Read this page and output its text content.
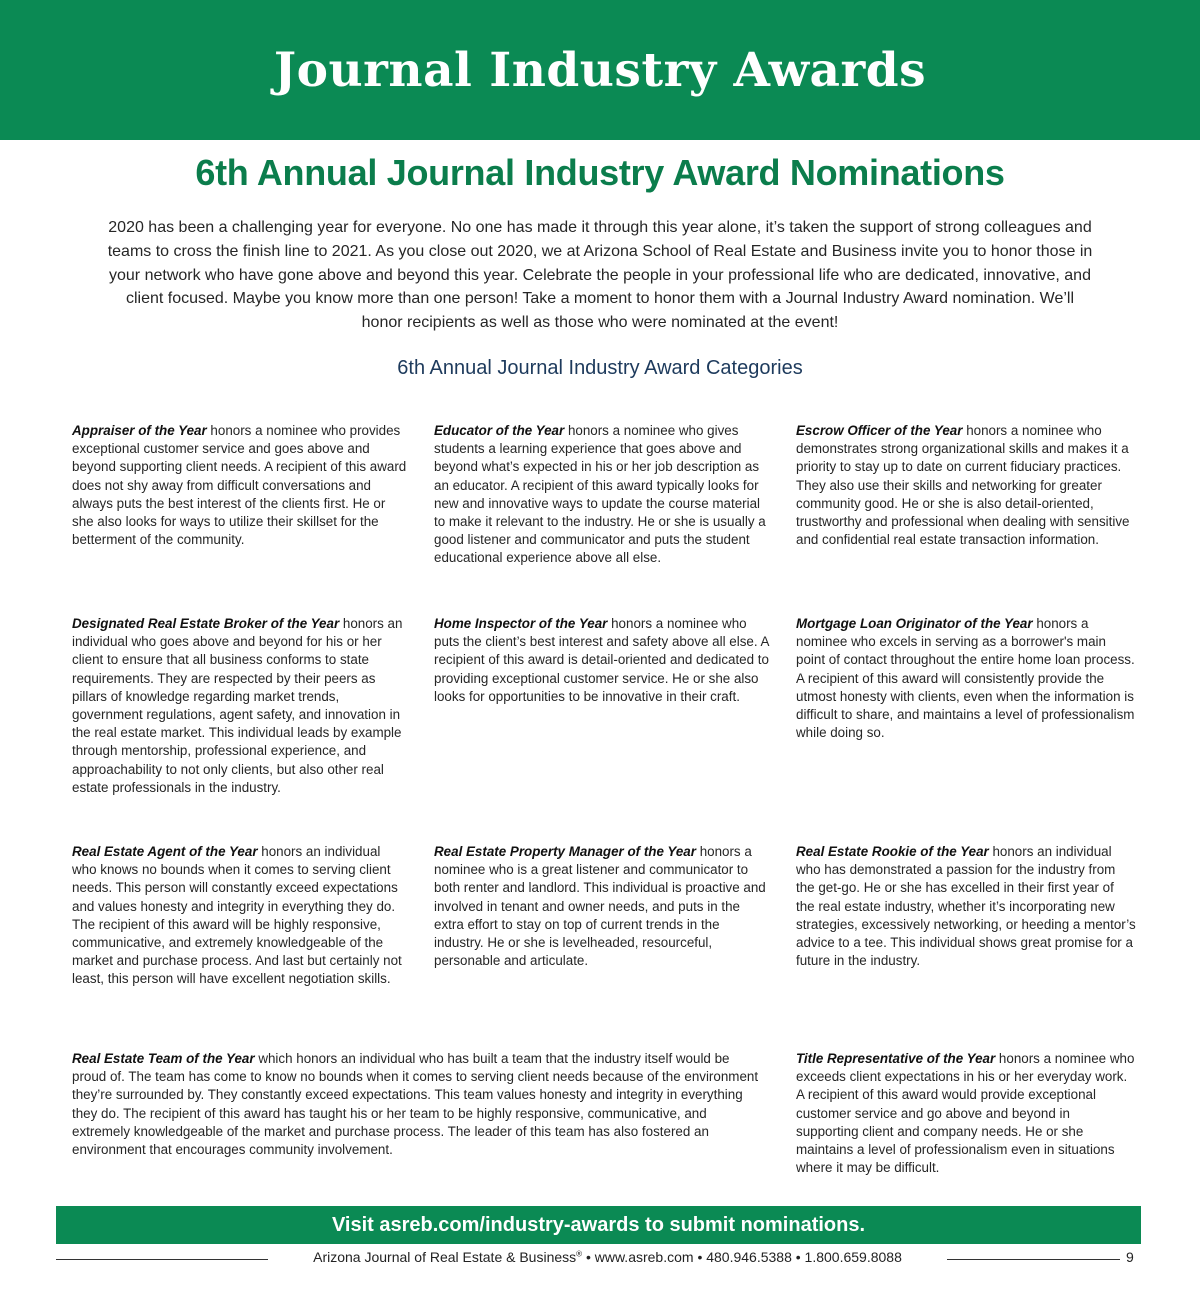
Journal Industry Awards
6th Annual Journal Industry Award Nominations

2020 has been a challenging year for everyone. No one has made it through this year alone, it’s taken the support of strong colleagues and teams to cross the finish line to 2021. As you close out 2020, we at Arizona School of Real Estate and Business invite you to honor those in your network who have gone above and beyond this year. Celebrate the people in your professional life who are dedicated, innovative, and client focused. Maybe you know more than one person! Take a moment to honor them with a Journal Industry Award nomination. We’ll honor recipients as well as those who were nominated at the event!

6th Annual Journal Industry Award Categories

Appraiser of the Year honors a nominee who provides exceptional customer service and goes above and beyond supporting client needs. A recipient of this award does not shy away from difficult conversations and always puts the best interest of the clients first. He or she also looks for ways to utilize their skillset for the betterment of the community.

Educator of the Year honors a nominee who gives students a learning experience that goes above and beyond what’s expected in his or her job description as an educator. A recipient of this award typically looks for new and innovative ways to update the course material to make it relevant to the industry. He or she is usually a good listener and communicator and puts the student educational experience above all else.

Escrow Officer of the Year honors a nominee who demonstrates strong organizational skills and makes it a priority to stay up to date on current fiduciary practices. They also use their skills and networking for greater community good. He or she is also detail-oriented, trustworthy and professional when dealing with sensitive and confidential real estate transaction information.

Designated Real Estate Broker of the Year honors an individual who goes above and beyond for his or her client to ensure that all business conforms to state requirements. They are respected by their peers as pillars of knowledge regarding market trends, government regulations, agent safety, and innovation in the real estate market. This individual leads by example through mentorship, professional experience, and approachability to not only clients, but also other real estate professionals in the industry.

Home Inspector of the Year honors a nominee who puts the client’s best interest and safety above all else. A recipient of this award is detail-oriented and dedicated to providing exceptional customer service. He or she also looks for opportunities to be innovative in their craft.

Mortgage Loan Originator of the Year honors a nominee who excels in serving as a borrower's main point of contact throughout the entire home loan process. A recipient of this award will consistently provide the utmost honesty with clients, even when the information is difficult to share, and maintains a level of professionalism while doing so.

Real Estate Agent of the Year honors an individual who knows no bounds when it comes to serving client needs. This person will constantly exceed expectations and values honesty and integrity in everything they do. The recipient of this award will be highly responsive, communicative, and extremely knowledgeable of the market and purchase process. And last but certainly not least, this person will have excellent negotiation skills.

Real Estate Property Manager of the Year honors a nominee who is a great listener and communicator to both renter and landlord. This individual is proactive and involved in tenant and owner needs, and puts in the extra effort to stay on top of current trends in the industry. He or she is levelheaded, resourceful, personable and articulate.

Real Estate Rookie of the Year honors an individual who has demonstrated a passion for the industry from the get-go. He or she has excelled in their first year of the real estate industry, whether it’s incorporating new strategies, excessively networking, or heeding a mentor’s advice to a tee. This individual shows great promise for a future in the industry.

Real Estate Team of the Year which honors an individual who has built a team that the industry itself would be proud of. The team has come to know no bounds when it comes to serving client needs because of the environment they’re surrounded by. They constantly exceed expectations. This team values honesty and integrity in everything they do. The recipient of this award has taught his or her team to be highly responsive, communicative, and extremely knowledgeable of the market and purchase process. The leader of this team has also fostered an environment that encourages community involvement.

Title Representative of the Year honors a nominee who exceeds client expectations in his or her everyday work. A recipient of this award would provide exceptional customer service and go above and beyond in supporting client and company needs. He or she maintains a level of professionalism even in situations where it may be difficult.

Visit asreb.com/industry-awards to submit nominations.
Arizona Journal of Real Estate & Business® • www.asreb.com • 480.946.5388 • 1.800.659.8088	9
